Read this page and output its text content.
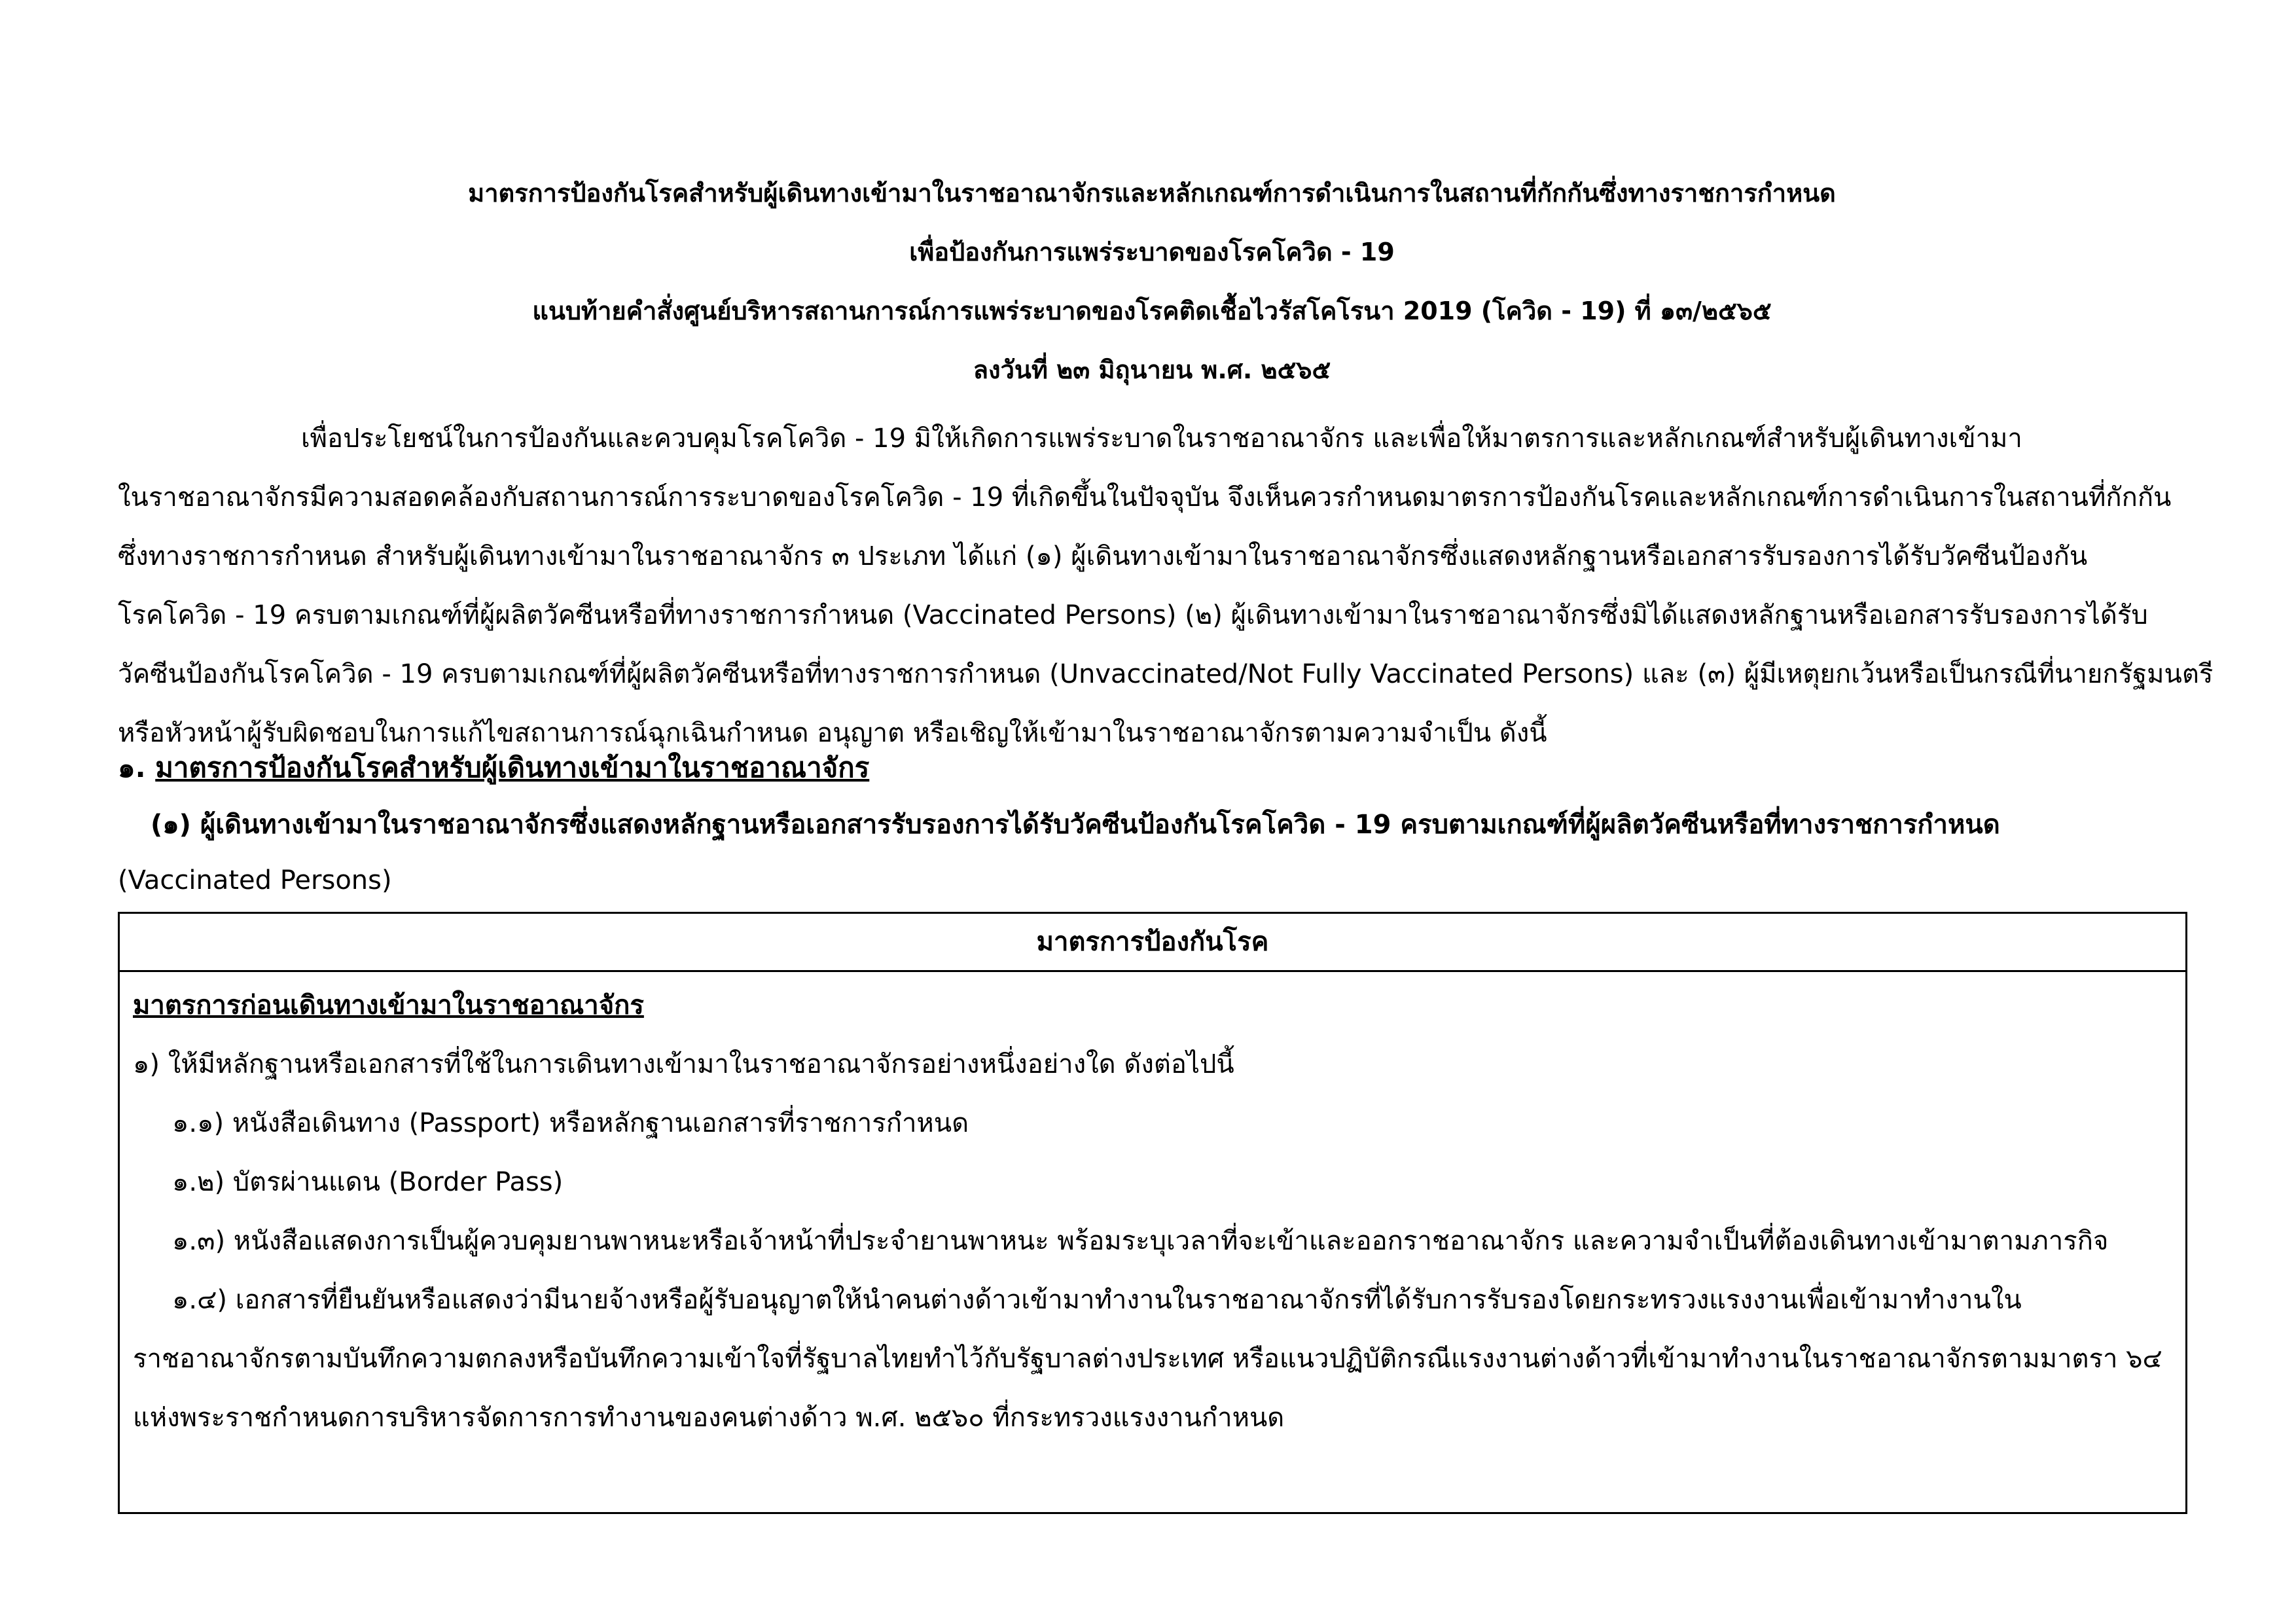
มาตรการป้องกันโรคสำหรับผู้เดินทางเข้ามาในราชอาณาจักรและหลักเกณฑ์การดำเนินการในสถานที่กักกันซึ่งทางราชการกำหนด
เพื่อป้องกันการแพร่ระบาดของโรคโควิด - 19
แนบท้ายคำสั่งศูนย์บริหารสถานการณ์การแพร่ระบาดของโรคติดเชื้อไวรัสโคโรนา 2019 (โควิด - 19) ที่ ๑๓/๒๕๖๕
ลงวันที่ ๒๓ มิถุนายน พ.ศ. ๒๕๖๕
เพื่อประโยชน์ในการป้องกันและควบคุมโรคโควิด - 19 มิให้เกิดการแพร่ระบาดในราชอาณาจักร และเพื่อให้มาตรการและหลักเกณฑ์สำหรับผู้เดินทางเข้ามา
ในราชอาณาจักรมีความสอดคล้องกับสถานการณ์การระบาดของโรคโควิด - 19 ที่เกิดขึ้นในปัจจุบัน จึงเห็นควรกำหนดมาตรการป้องกันโรคและหลักเกณฑ์การดำเนินการในสถานที่กักกัน
ซึ่งทางราชการกำหนด สำหรับผู้เดินทางเข้ามาในราชอาณาจักร ๓ ประเภท ได้แก่ (๑) ผู้เดินทางเข้ามาในราชอาณาจักรซึ่งแสดงหลักฐานหรือเอกสารรับรองการได้รับวัคซีนป้องกัน
โรคโควิด - 19 ครบตามเกณฑ์ที่ผู้ผลิตวัคซีนหรือที่ทางราชการกำหนด (Vaccinated Persons) (๒) ผู้เดินทางเข้ามาในราชอาณาจักรซึ่งมิได้แสดงหลักฐานหรือเอกสารรับรองการได้รับ
วัคซีนป้องกันโรคโควิด - 19 ครบตามเกณฑ์ที่ผู้ผลิตวัคซีนหรือที่ทางราชการกำหนด (Unvaccinated/Not Fully Vaccinated Persons) และ (๓) ผู้มีเหตุยกเว้นหรือเป็นกรณีที่นายกรัฐมนตรี
หรือหัวหน้าผู้รับผิดชอบในการแก้ไขสถานการณ์ฉุกเฉินกำหนด อนุญาต หรือเชิญให้เข้ามาในราชอาณาจักรตามความจำเป็น ดังนี้
๑. มาตรการป้องกันโรคสำหรับผู้เดินทางเข้ามาในราชอาณาจักร
(๑) ผู้เดินทางเข้ามาในราชอาณาจักรซึ่งแสดงหลักฐานหรือเอกสารรับรองการได้รับวัคซีนป้องกันโรคโควิด - 19 ครบตามเกณฑ์ที่ผู้ผลิตวัคซีนหรือที่ทางราชการกำหนด
(Vaccinated Persons)
มาตรการป้องกันโรค
มาตรการก่อนเดินทางเข้ามาในราชอาณาจักร
๑) ให้มีหลักฐานหรือเอกสารที่ใช้ในการเดินทางเข้ามาในราชอาณาจักรอย่างหนึ่งอย่างใด ดังต่อไปนี้
๑.๑) หนังสือเดินทาง (Passport) หรือหลักฐานเอกสารที่ราชการกำหนด
๑.๒) บัตรผ่านแดน (Border Pass)
๑.๓) หนังสือแสดงการเป็นผู้ควบคุมยานพาหนะหรือเจ้าหน้าที่ประจำยานพาหนะ พร้อมระบุเวลาที่จะเข้าและออกราชอาณาจักร และความจำเป็นที่ต้องเดินทางเข้ามาตามภารกิจ
๑.๔) เอกสารที่ยืนยันหรือแสดงว่ามีนายจ้างหรือผู้รับอนุญาตให้นำคนต่างด้าวเข้ามาทำงานในราชอาณาจักรที่ได้รับการรับรองโดยกระทรวงแรงงานเพื่อเข้ามาทำงานใน
ราชอาณาจักรตามบันทึกความตกลงหรือบันทึกความเข้าใจที่รัฐบาลไทยทำไว้กับรัฐบาลต่างประเทศ หรือแนวปฏิบัติกรณีแรงงานต่างด้าวที่เข้ามาทำงานในราชอาณาจักรตามมาตรา ๖๔
แห่งพระราชกำหนดการบริหารจัดการการทำงานของคนต่างด้าว พ.ศ. ๒๕๖๐ ที่กระทรวงแรงงานกำหนด
